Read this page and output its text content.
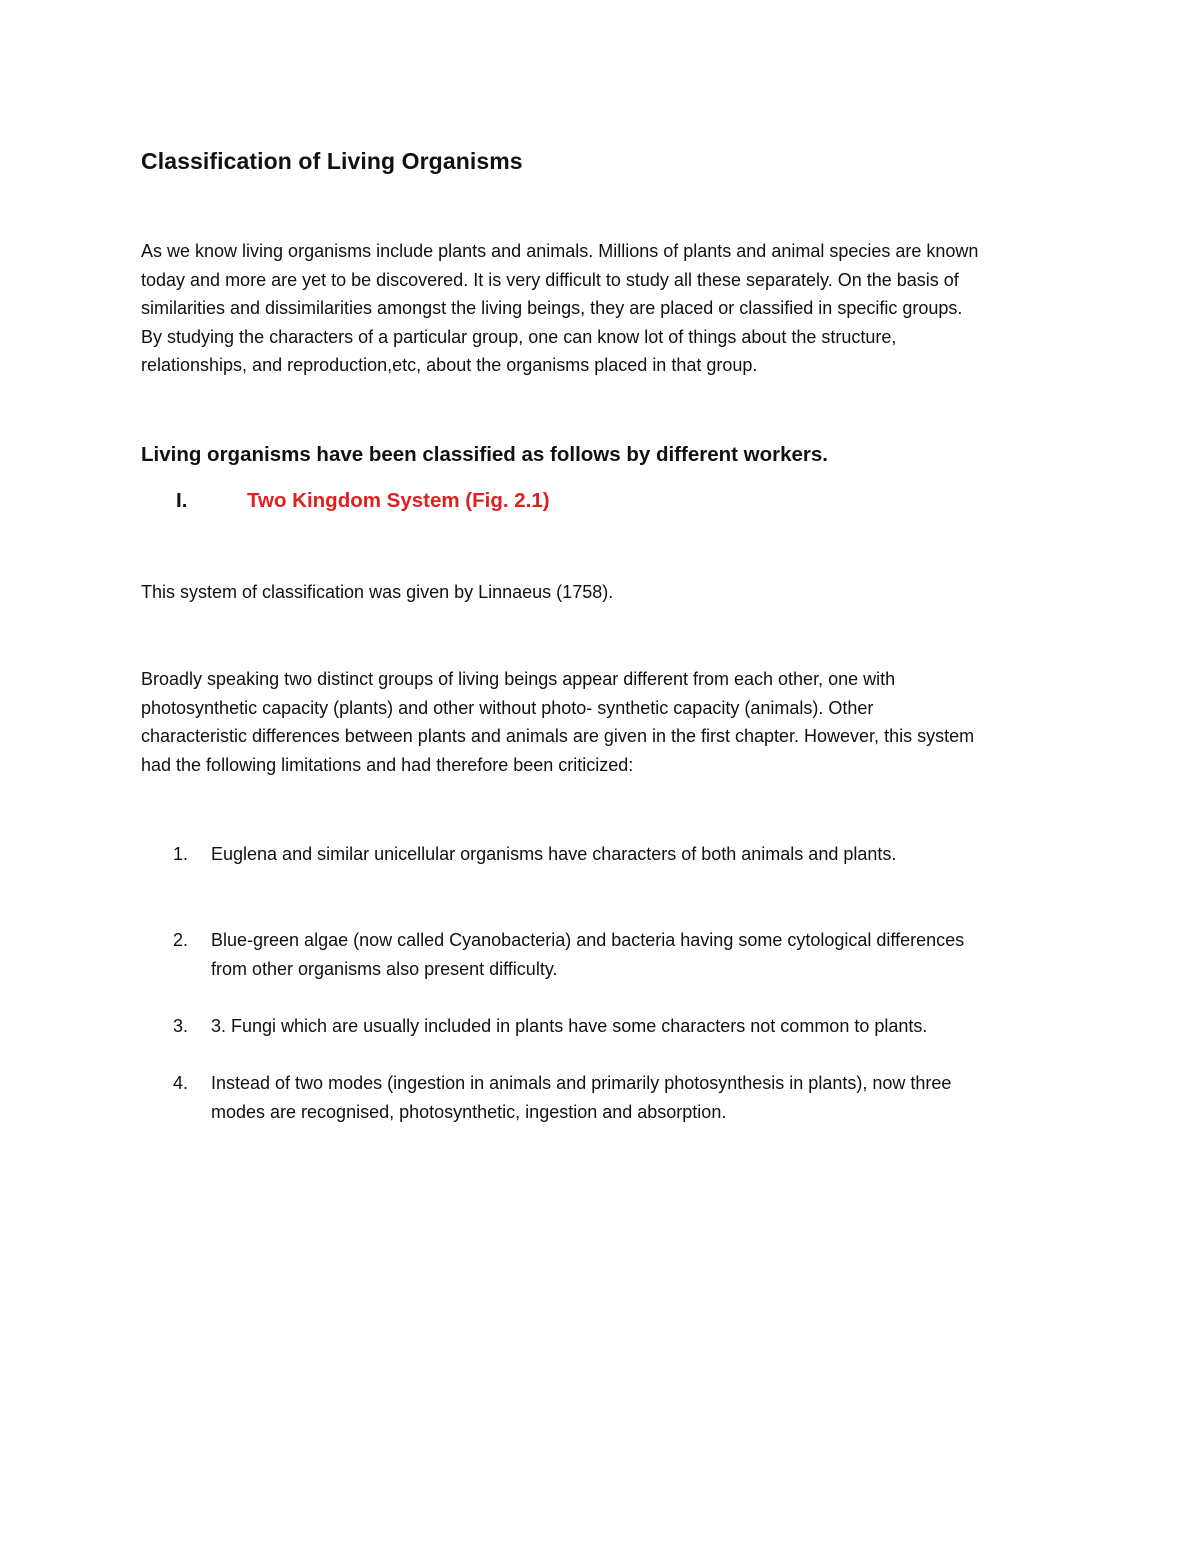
Classification of Living Organisms

As we know living organisms include plants and animals. Millions of plants and animal species are known
today and more are yet to be discovered. It is very difficult to study all these separately. On the basis of
similarities and dissimilarities amongst the living beings, they are placed or classified in specific groups.
By studying the characters of a particular group, one can know lot of things about the structure,
relationships, and reproduction,etc, about the organisms placed in that group.

Living organisms have been classified as follows by different workers.
I.	Two Kingdom System (Fig. 2.1)

This system of classification was given by Linnaeus (1758).

Broadly speaking two distinct groups of living beings appear different from each other, one with
photosynthetic capacity (plants) and other without photo- synthetic capacity (animals). Other
characteristic differences between plants and animals are given in the first chapter. However, this system
had the following limitations and had therefore been criticized:

1.	Euglena and similar unicellular organisms have characters of both animals and plants.
2.	Blue-green algae (now called Cyanobacteria) and bacteria having some cytological differences
from other organisms also present difficulty.
3.	3. Fungi which are usually included in plants have some characters not common to plants.
4.	Instead of two modes (ingestion in animals and primarily photosynthesis in plants), now three
modes are recognised, photosynthetic, ingestion and absorption.
